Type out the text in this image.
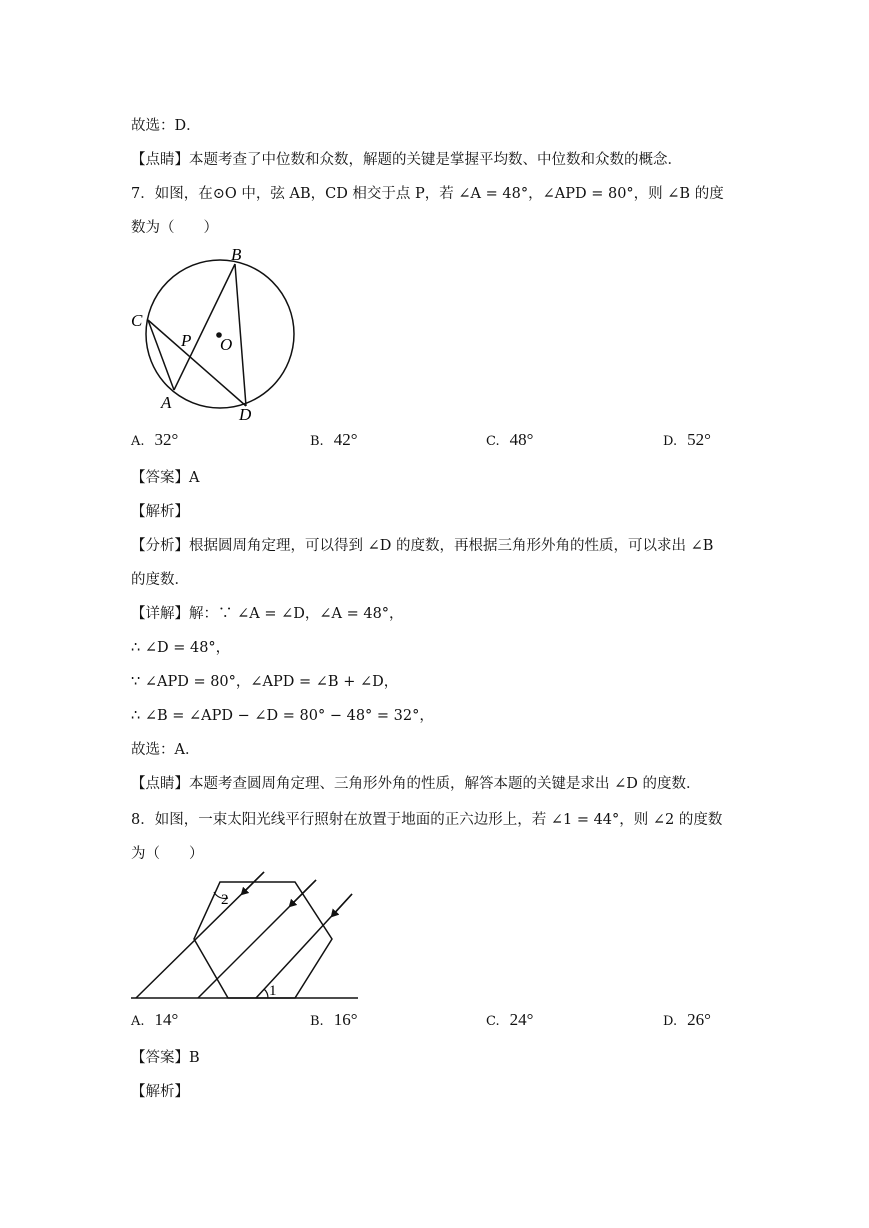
故选：D．
【点睛】本题考查了中位数和众数，解题的关键是掌握平均数、中位数和众数的概念．
7．如图，在⊙O 中，弦 AB，CD 相交于点 P，若 ∠A = 48°，∠APD = 80°，则 ∠B 的度
数为（　　）
B
C
P O
A
D
A. 32°	B. 42°	C. 48°	D. 52°
【答案】A
【解析】
【分析】根据圆周角定理，可以得到 ∠D 的度数，再根据三角形外角的性质，可以求出 ∠B
的度数．
【详解】解：∵ ∠A = ∠D，∠A = 48°，
∴ ∠D = 48°，
∵ ∠APD = 80°，∠APD = ∠B + ∠D，
∴ ∠B = ∠APD − ∠D = 80° − 48° = 32°，
故选：A．
【点睛】本题考查圆周角定理、三角形外角的性质，解答本题的关键是求出 ∠D 的度数．
8．如图，一束太阳光线平行照射在放置于地面的正六边形上，若 ∠1 = 44°，则 ∠2 的度数
为（　　）
1
2
A. 14°	B. 16°	C. 24°	D. 26°
【答案】B
【解析】
